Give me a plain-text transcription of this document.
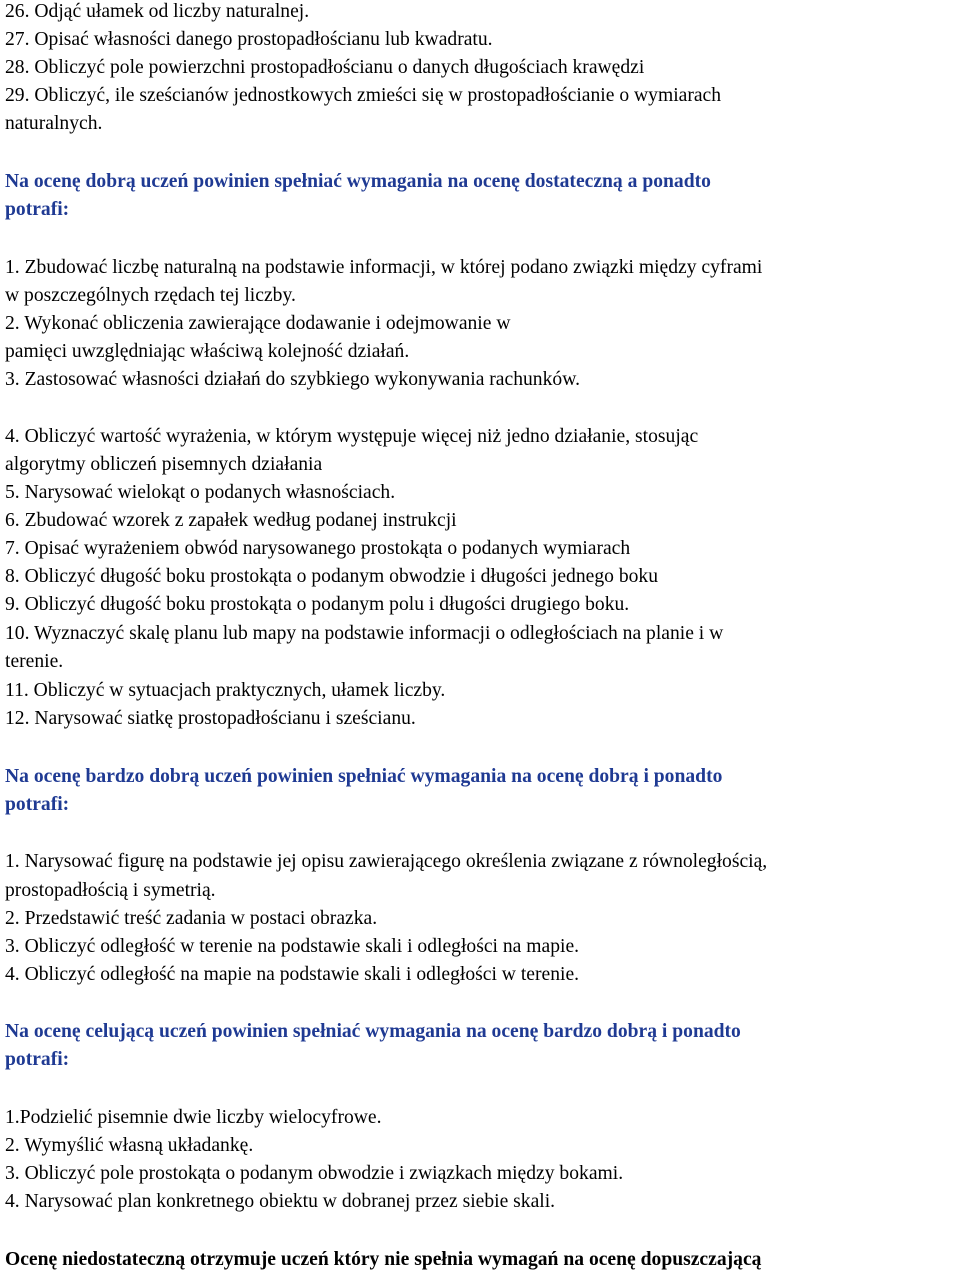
26. Odjąć ułamek od liczby naturalnej.

27. Opisać własności danego prostopadłościanu lub kwadratu.

28. Obliczyć pole powierzchni prostopadłościanu o danych długościach krawędzi

29. Obliczyć, ile sześcianów jednostkowych zmieści się w prostopadłościanie o wymiarach

naturalnych.

Na ocenę dobrą uczeń powinien spełniać wymagania na ocenę dostateczną a ponadto

potrafi:

1. Zbudować liczbę naturalną na podstawie informacji, w której podano związki między cyframi

w poszczególnych rzędach tej liczby.

2. Wykonać obliczenia zawierające dodawanie i odejmowanie w

pamięci uwzględniając właściwą kolejność działań.

3. Zastosować własności działań do szybkiego wykonywania rachunków.

4. Obliczyć wartość wyrażenia, w którym występuje więcej niż jedno działanie, stosując

algorytmy obliczeń pisemnych działania

5. Narysować wielokąt o podanych własnościach.

6. Zbudować wzorek z zapałek według podanej instrukcji

7. Opisać wyrażeniem obwód narysowanego prostokąta o podanych wymiarach

8. Obliczyć długość boku prostokąta o podanym obwodzie i długości jednego boku

9. Obliczyć długość boku prostokąta o podanym polu i długości drugiego boku.

10. Wyznaczyć skalę planu lub mapy na podstawie informacji o odległościach na planie i w

terenie.

11. Obliczyć w sytuacjach praktycznych, ułamek liczby.

12. Narysować siatkę prostopadłościanu i sześcianu.

Na ocenę bardzo dobrą uczeń powinien spełniać wymagania na ocenę dobrą i ponadto

potrafi:

1. Narysować figurę na podstawie jej opisu zawierającego określenia związane z równoległością,

prostopadłością i symetrią.

2. Przedstawić treść zadania w postaci obrazka.

3. Obliczyć odległość w terenie na podstawie skali i odległości na mapie.

4. Obliczyć odległość na mapie na podstawie skali i odległości w terenie.

Na ocenę celującą uczeń powinien spełniać wymagania na ocenę bardzo dobrą i ponadto

potrafi:

1.Podzielić pisemnie dwie liczby wielocyfrowe.

2. Wymyślić własną układankę.

3. Obliczyć pole prostokąta o podanym obwodzie i związkach między bokami.

4. Narysować plan konkretnego obiektu w dobranej przez siebie skali.

Ocenę niedostateczną otrzymuje uczeń który nie spełnia wymagań na ocenę dopuszczającą
